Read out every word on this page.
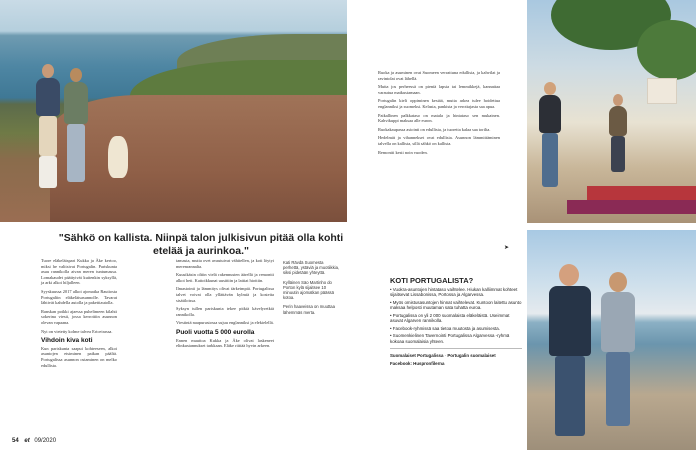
"Sähkö on kallista. Niinpä talon julkisivun pitää olla kohti etelää ja aurinkoa."

Tuore eläkeläispari Kukka ja Äke kertoo, miksi he valitsivat Portugalin. Pariskunta asuu rannikolla aivan meren tuntumassa. Lomakaudet päättyivät kuitenkin syksyllä, ja arki alkoi hiljalleen.

Syyskuussa 2017 alkoi ajomatka Rautiosta Portugaliin eläkeläisasunnolle. Tavarat lähtivät kahdella autolla ja pakettiautolla.

Ranskan poikki ajaessa puhelimeen kilahti sokerina viesti, jossa kerrottiin asunnon olevan vapaana.

Nyt on vietetty kolme talvea Ericeirassa.

Vihdoin kiva koti

Kun pariskunta saapui kohteeseen, alkoi asuntojen etsiminen paikan päältä. Portugalissa asunnon ostaminen on melko edullista.

tamasta, mutta ovet avautuivat vähitellen, ja koti löytyi merenrannalta.

Kuusikäsin oltiin vielä rakennusten äärellä ja remontti alkoi heti. Kattoikkunat uusittiin ja lattiat hiottiin.

Ilmastointi ja lämmitys olivat tärkeimpiä. Portugalissa talvet voivat olla yllättävän kylmiä ja kosteita sisätiloissa.

Syksyn tullen pariskunta tekee pitkiä kävelyretkiä rannikolla.

Viestintä naapurustossa sujuu englanniksi ja elekielellä.

Puoli vuotta 5 000 eurolla

Ennen muuttoa Kukka ja Äke olivat laskeneet elinkustannukset tarkkaan. Eläke riittää hyvin arkeen.

Kati Rävdä Suomesta perhettä, ystäviä ja muotiikkia, siksi pidetään yhteyttä.

Kylläinen Säo Martinho do Porton kylä sijaitsee 10 minuutin ajomatkan päässä kotoa.

Perin haaveissa on muuttaa lähemmäs merta.

Ruoka ja asuminen ovat Suomeen verrattuna edullisia, ja kahvilat ja ravintolat ovat lähellä.

Mutta jos perheessä on pieniä lapsia tai lemmikkejä, kannattaa varautua matkustamaan.

Portugalin kieli oppiminen kestää, mutta arkea tulee hoidettua englanniksi ja suomeksi. Kelasta, pankista ja verottajasta saa apua.

Paikallinen palkkataso on matala ja hintataso sen mukainen. Kahvikuppi maksaa alle euron.

Ruokakaupassa asiointi on edullista, ja tuoretta kalaa saa torilta.

Hedelmät ja vihannekset ovat edullisia. Asunnon lämmittäminen talvella on kallista, sillä sähkö on kallista.

Remontti kesti noin vuoden.

➤
KOTI PORTUGALISTA?

• Vuokra-asuntojen hintataso vaihtelee. Hiukan kalliimmat kohteet sijaitsevat Lissabonissa, Portossa ja Algarvessa.

• Myös omistusasuntojen hinnat vaihtelevat. Kuntoon laitettu asunto maksaa helposti muutaman sata tuhatta euroa.

• Portugalissa on yli 2 000 suomalaista eläkeläistä. Useimmat asuvat Algarven rannikolla.

• Facebook-ryhmissä saa tietoa muutosta ja asumisesta.

• Suomenkielinen Tavernointi Portugalissa Algarvessa -ryhmä kokoaa suomalaisia yhteen.

Suomalaiset Portugalissa · Portugalin suomalaiset

Facebook: Huspronfilerna

54 et 09/2020
